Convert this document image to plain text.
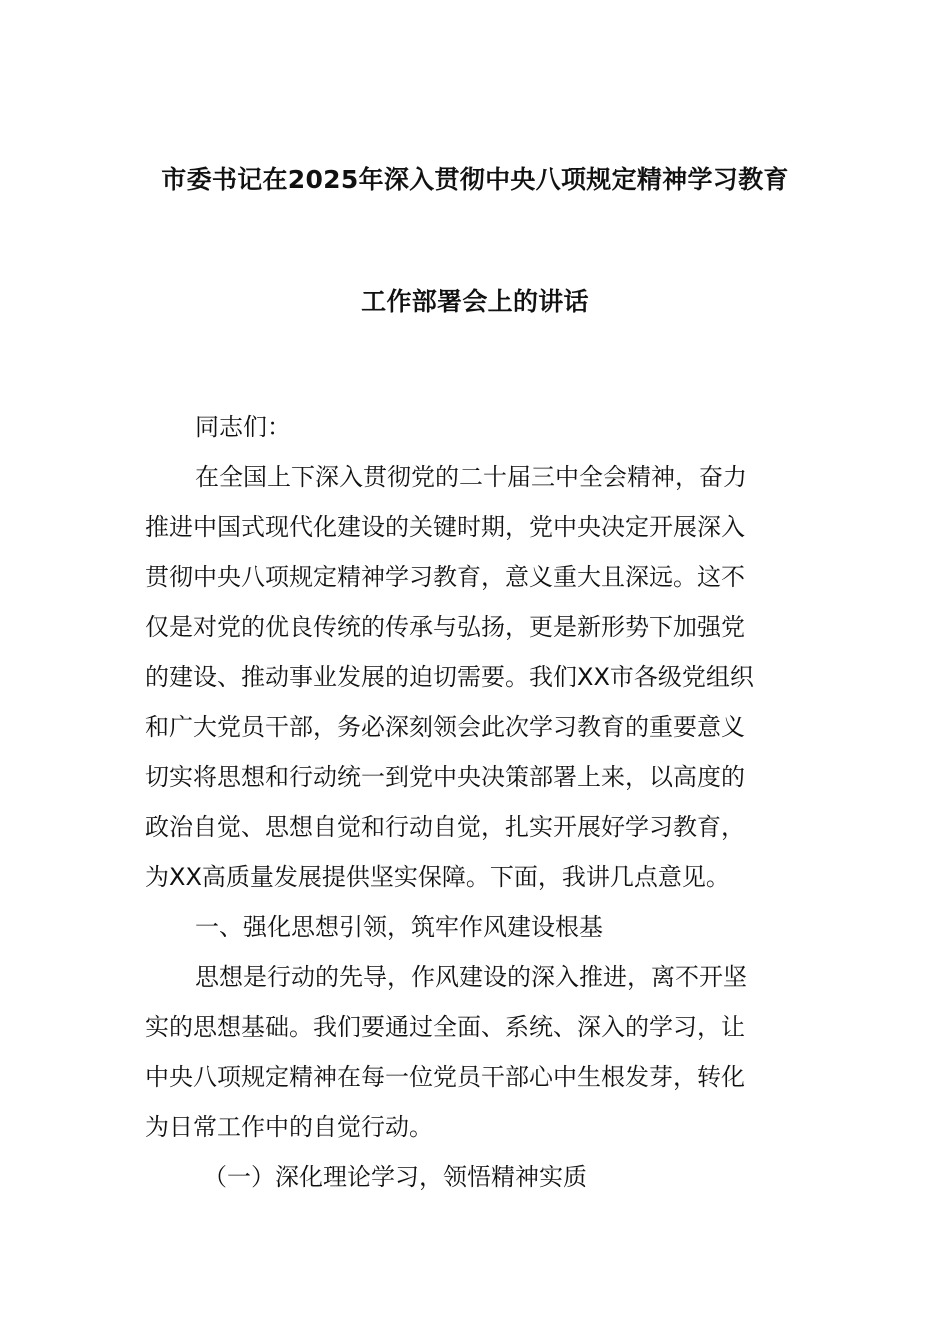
市委书记在2025年深入贯彻中央八项规定精神学习教育
工作部署会上的讲话
同志们：
在全国上下深入贯彻党的二十届三中全会精神，奋力
推进中国式现代化建设的关键时期，党中央决定开展深入
贯彻中央八项规定精神学习教育，意义重大且深远。这不
仅是对党的优良传统的传承与弘扬，更是新形势下加强党
的建设、推动事业发展的迫切需要。我们XX市各级党组织
和广大党员干部，务必深刻领会此次学习教育的重要意义
切实将思想和行动统一到党中央决策部署上来，以高度的
政治自觉、思想自觉和行动自觉，扎实开展好学习教育，
为XX高质量发展提供坚实保障。下面，我讲几点意见。
一、强化思想引领，筑牢作风建设根基
思想是行动的先导，作风建设的深入推进，离不开坚
实的思想基础。我们要通过全面、系统、深入的学习，让
中央八项规定精神在每一位党员干部心中生根发芽，转化
为日常工作中的自觉行动。
（一）深化理论学习，领悟精神实质
